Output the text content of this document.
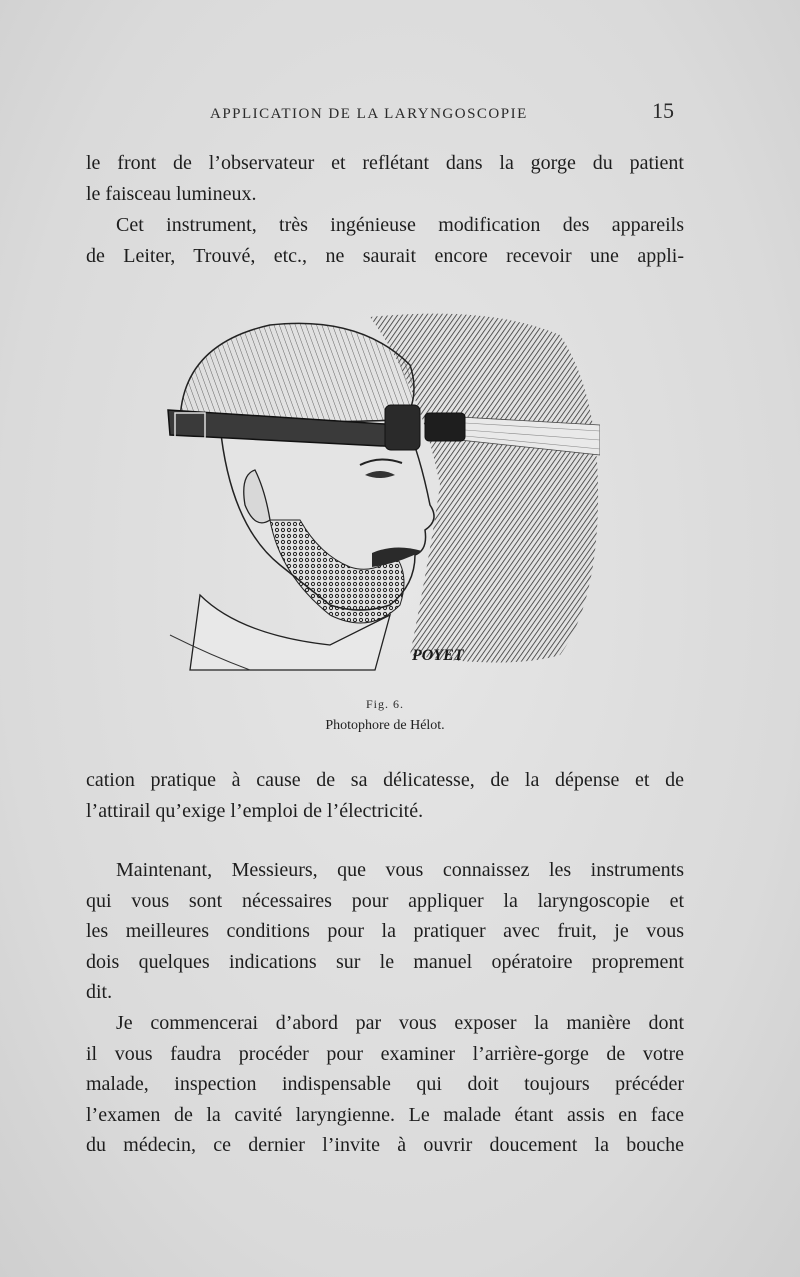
APPLICATION DE LA LARYNGOSCOPIE	15
le front de l’observateur et reflétant dans la gorge du patient
le faisceau lumineux.
Cet instrument, très ingénieuse modification des appareils
de Leiter, Trouvé, etc., ne saurait encore recevoir une appli-
POYET
Fig. 6.
Photophore de Hélot.
cation pratique à cause de sa délicatesse, de la dépense et de
l’attirail qu’exige l’emploi de l’électricité.
Maintenant, Messieurs, que vous connaissez les instruments
qui vous sont nécessaires pour appliquer la laryngoscopie et
les meilleures conditions pour la pratiquer avec fruit, je vous
dois quelques indications sur le manuel opératoire proprement
dit.
Je commencerai d’abord par vous exposer la manière dont
il vous faudra procéder pour examiner l’arrière-gorge de votre
malade, inspection indispensable qui doit toujours précéder
l’examen de la cavité laryngienne. Le malade étant assis en face
du médecin, ce dernier l’invite à ouvrir doucement la bouche
